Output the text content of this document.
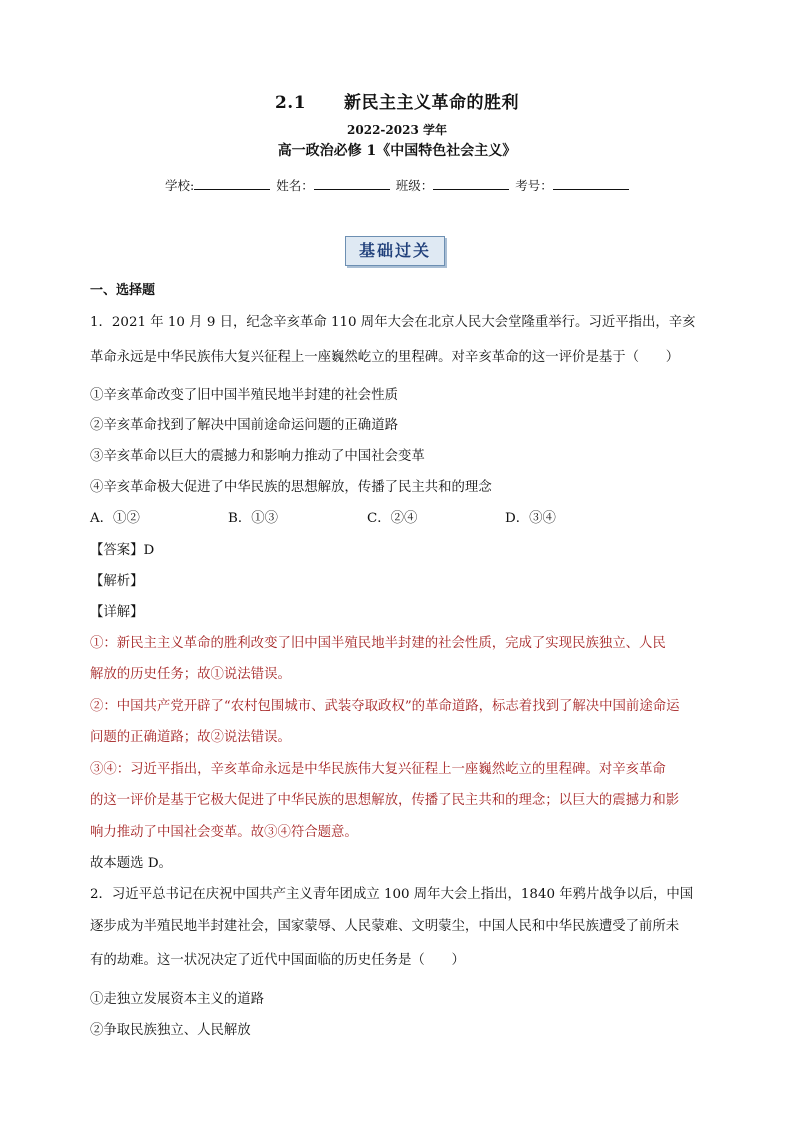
2.1 新民主主义革命的胜利
2022-2023 学年
高一政治必修 1《中国特色社会主义》
学校:	姓名：	班级：	考号：
基础过关
一、选择题
1．2021 年 10 月 9 日，纪念辛亥革命 110 周年大会在北京人民大会堂隆重举行。习近平指出，辛亥
革命永远是中华民族伟大复兴征程上一座巍然屹立的里程碑。对辛亥革命的这一评价是基于（　　）
①辛亥革命改变了旧中国半殖民地半封建的社会性质
②辛亥革命找到了解决中国前途命运问题的正确道路
③辛亥革命以巨大的震撼力和影响力推动了中国社会变革
④辛亥革命极大促进了中华民族的思想解放，传播了民主共和的理念
A．①②	B．①③	C．②④	D．③④
【答案】D
【解析】
【详解】
①：新民主主义革命的胜利改变了旧中国半殖民地半封建的社会性质，完成了实现民族独立、人民
解放的历史任务；故①说法错误。
②：中国共产党开辟了“农村包围城市、武装夺取政权”的革命道路，标志着找到了解决中国前途命运
问题的正确道路；故②说法错误。
③④：习近平指出，辛亥革命永远是中华民族伟大复兴征程上一座巍然屹立的里程碑。对辛亥革命
的这一评价是基于它极大促进了中华民族的思想解放，传播了民主共和的理念；以巨大的震撼力和影
响力推动了中国社会变革。故③④符合题意。
故本题选 D。
2．习近平总书记在庆祝中国共产主义青年团成立 100 周年大会上指出，1840 年鸦片战争以后，中国
逐步成为半殖民地半封建社会，国家蒙辱、人民蒙难、文明蒙尘，中国人民和中华民族遭受了前所未
有的劫难。这一状况决定了近代中国面临的历史任务是（　　）
①走独立发展资本主义的道路
②争取民族独立、人民解放
